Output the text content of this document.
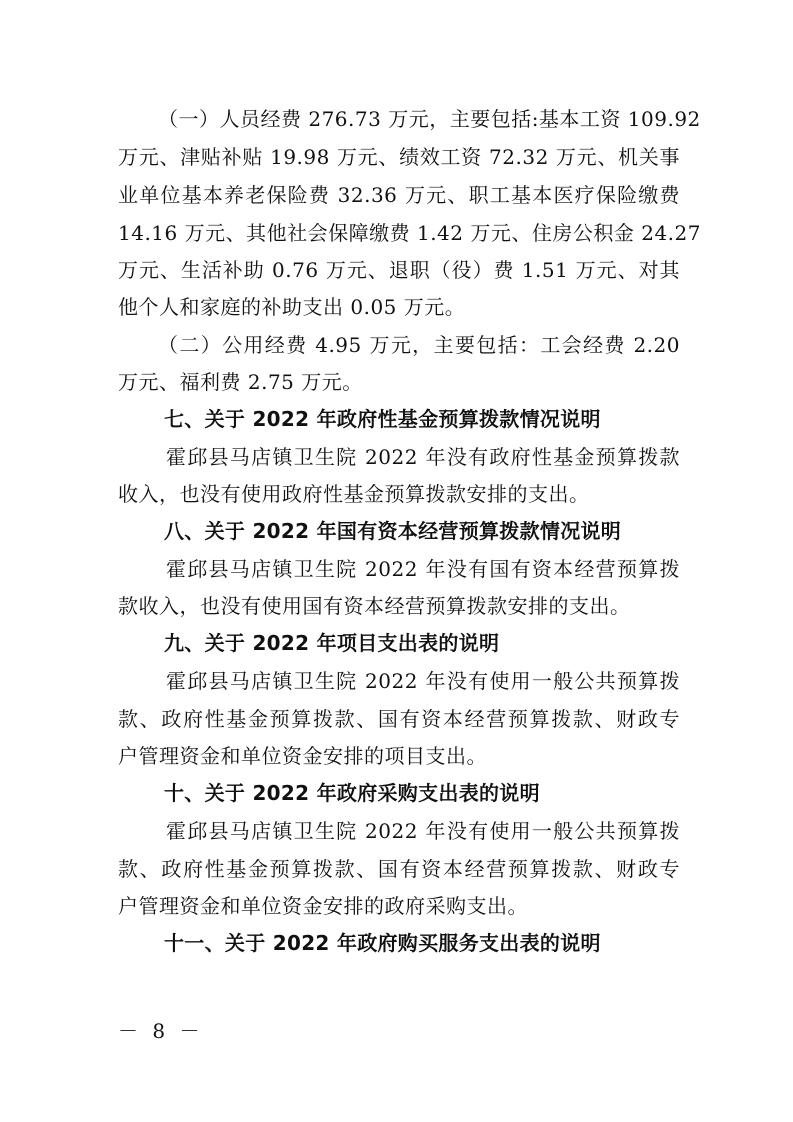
（一）人员经费 276.73 万元，主要包括:基本工资 109.92
万元、津贴补贴 19.98 万元、绩效工资 72.32 万元、机关事
业单位基本养老保险费 32.36 万元、职工基本医疗保险缴费
14.16 万元、其他社会保障缴费 1.42 万元、住房公积金 24.27
万元、生活补助 0.76 万元、退职（役）费 1.51 万元、对其
他个人和家庭的补助支出 0.05 万元。
（二）公用经费 4.95 万元，主要包括：工会经费 2.20
万元、福利费 2.75 万元。
七、关于 2022 年政府性基金预算拨款情况说明
霍邱县马店镇卫生院 2022 年没有政府性基金预算拨款
收入，也没有使用政府性基金预算拨款安排的支出。
八、关于 2022 年国有资本经营预算拨款情况说明
霍邱县马店镇卫生院 2022 年没有国有资本经营预算拨
款收入，也没有使用国有资本经营预算拨款安排的支出。
九、关于 2022 年项目支出表的说明
霍邱县马店镇卫生院 2022 年没有使用一般公共预算拨
款、政府性基金预算拨款、国有资本经营预算拨款、财政专
户管理资金和单位资金安排的项目支出。
十、关于 2022 年政府采购支出表的说明
霍邱县马店镇卫生院 2022 年没有使用一般公共预算拨
款、政府性基金预算拨款、国有资本经营预算拨款、财政专
户管理资金和单位资金安排的政府采购支出。
十一、关于 2022 年政府购买服务支出表的说明
－ 8 －
